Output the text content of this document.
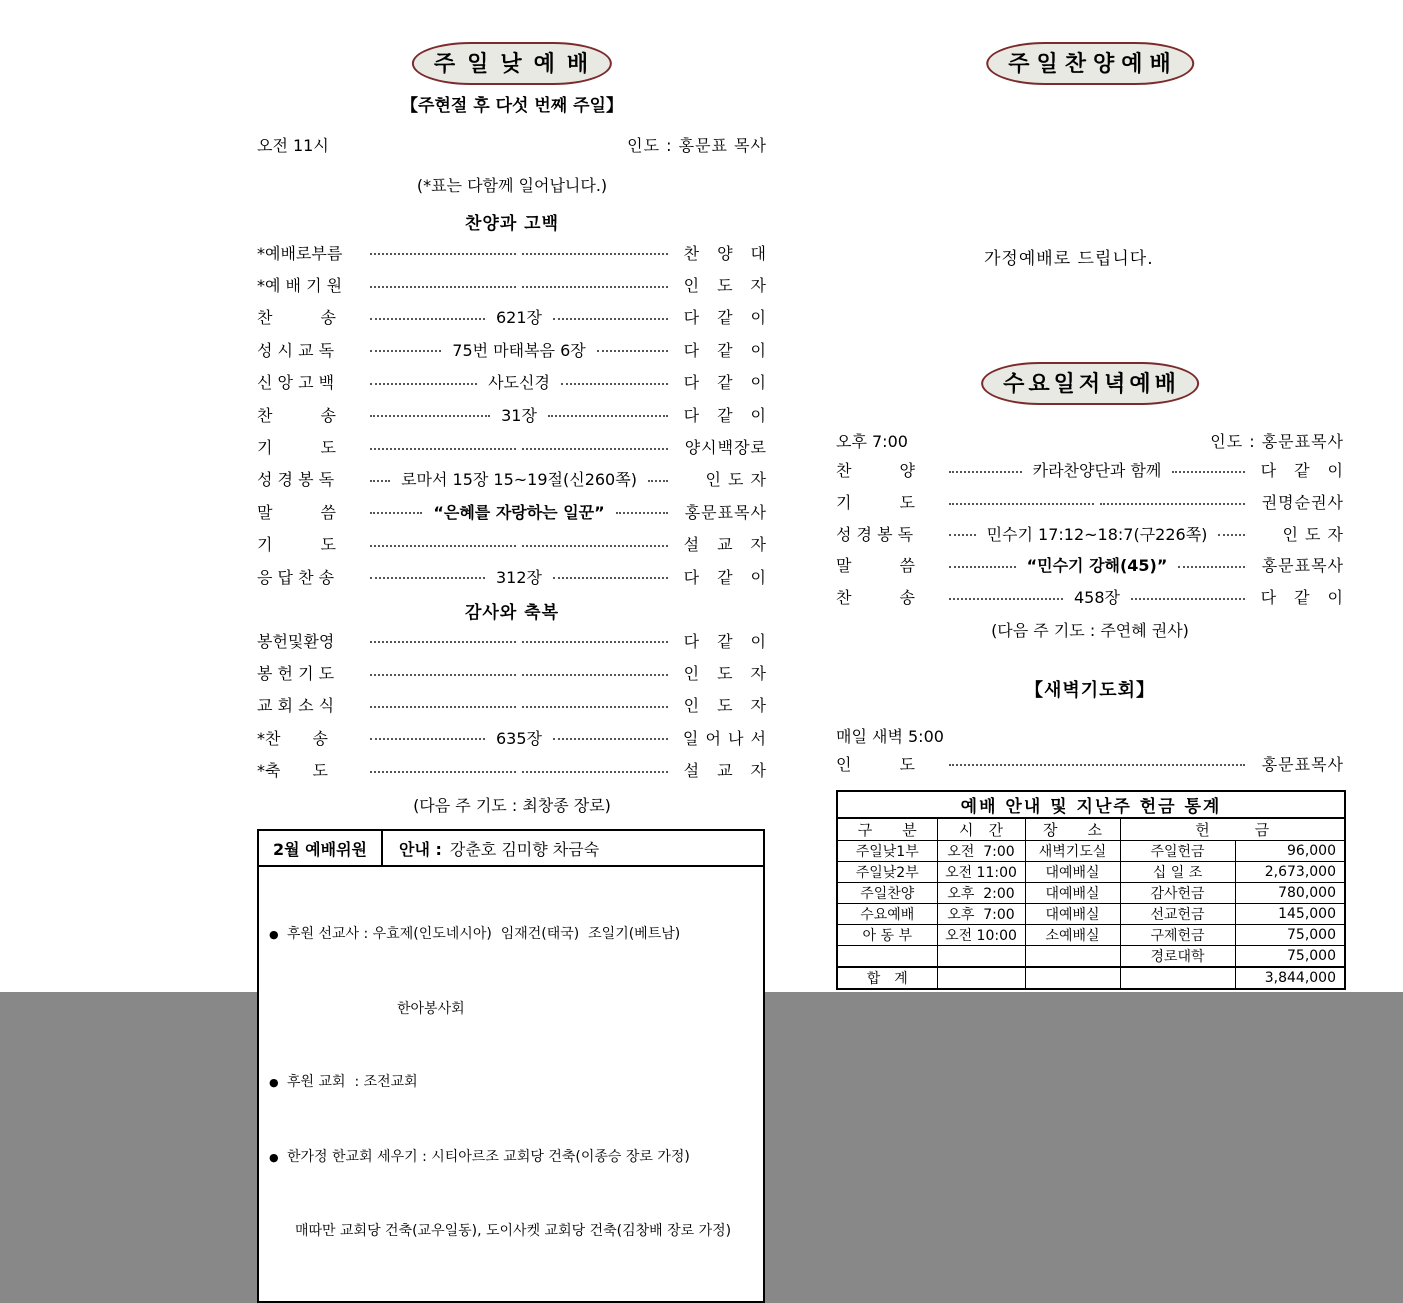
주일낮예배
【주현절 후 다섯 번째 주일】
오전 11시	인도 : 홍문표 목사
(*표는 다함께 일어납니다.)
찬양과 고백
*예배로부름	찬　양　대
*예 배 기 원	인　도　자
찬　　　송	621장	다　같　이
성 시 교 독	75번 마태복음 6장	다　같　이
신 앙 고 백	사도신경	다　같　이
찬　　　송	31장	다　같　이
기　　　도	양시백장로
성 경 봉 독	로마서 15장 15~19절(신260쪽)	인 도 자
말　　　씀	“은혜를 자랑하는 일꾼”	홍문표목사
기　　　도	설　교　자
응 답 찬 송	312장	다　같　이
감사와 축복
봉헌및환영	다　같　이
봉 헌 기 도	인　도　자
교 회 소 식	인　도　자
*찬　　송	635장	일 어 나 서
*축　　도	설　교　자
(다음 주 기도 : 최창종 장로)
2월 예배위원	안내 : 강춘호 김미향 차금숙

● 후원 선교사 : 우효제(인도네시아)  임재건(태국)  조일기(베트남)

한아봉사회

● 후원 교회  : 조전교회

● 한가정 한교회 세우기 : 시티아르조 교회당 건축(이종승 장로 가정)

매따만 교회당 건축(교우일동), 도이사켓 교회당 건축(김창배 장로 가정)

주일찬양예배
가정예배로 드립니다.
수요일저녁예배
오후 7:00	인도 : 홍문표목사
찬　　　양	카라찬양단과 함께	다　같　이
기　　　도	권명순권사
성 경 봉 독	민수기 17:12~18:7(구226쪽)	인 도 자
말　　　씀	“민수기 강해(45)”	홍문표목사
찬　　　송	458장	다　같　이
(다음 주 기도 : 주연혜 권사)
【새벽기도회】
매일 새벽 5:00
인　　　도	홍문표목사
예배 안내 및 지난주 헌금 통계				
구　　분	시　간	장　　소	헌　　　금	
주일낮1부	오전  7:00	새벽기도실	주일헌금	96,000
주일낮2부	오전 11:00	대예배실	십 일 조	2,673,000
주일찬양	오후  2:00	대예배실	감사헌금	780,000
수요예배	오후  7:00	대예배실	선교헌금	145,000
아 동 부	오전 10:00	소예배실	구제헌금	75,000
			경로대학	75,000
합　계				3,844,000
